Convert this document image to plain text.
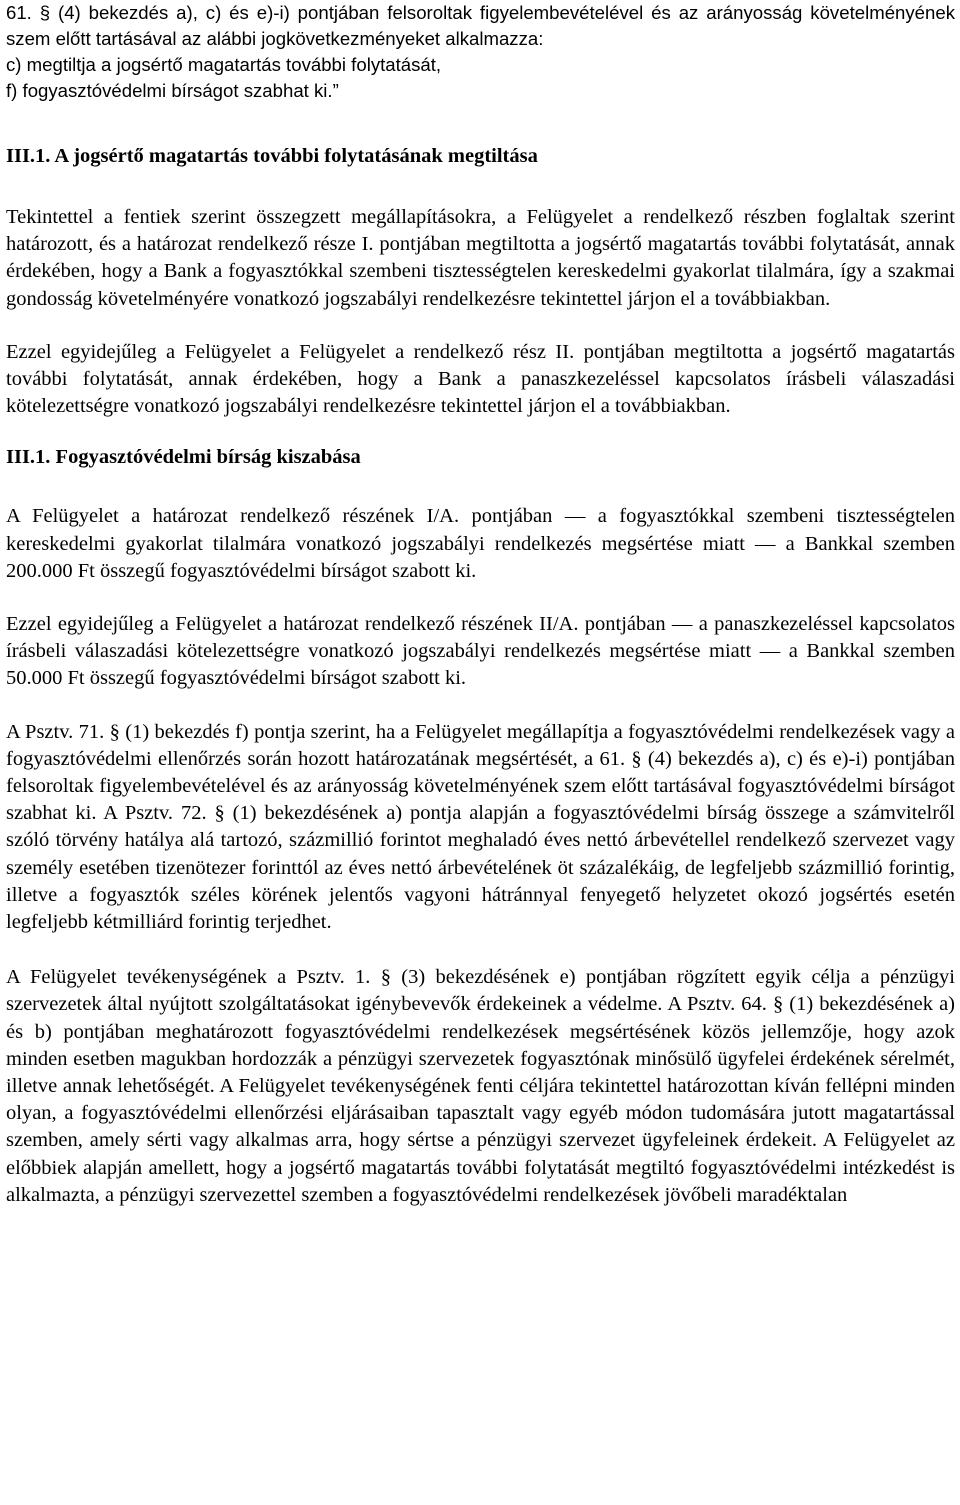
61. § (4) bekezdés a), c) és e)-i) pontjában felsoroltak figyelembevételével és az arányosság követelményének szem előtt tartásával az alábbi jogkövetkezményeket alkalmazza:
c) megtiltja a jogsértő magatartás további folytatását,
f) fogyasztóvédelmi bírságot szabhat ki.”
III.1. A jogsértő magatartás további folytatásának megtiltása

Tekintettel a fentiek szerint összegzett megállapításokra, a Felügyelet a rendelkező részben foglaltak szerint határozott, és a határozat rendelkező része I. pontjában megtiltotta a jogsértő magatartás további folytatását, annak érdekében, hogy a Bank a fogyasztókkal szembeni tisztességtelen kereskedelmi gyakorlat tilalmára, így a szakmai gondosság követelményére vonatkozó jogszabályi rendelkezésre tekintettel járjon el a továbbiakban.

Ezzel egyidejűleg a Felügyelet a Felügyelet a rendelkező rész II. pontjában megtiltotta a jogsértő magatartás további folytatását, annak érdekében, hogy a Bank a panaszkezeléssel kapcsolatos írásbeli válaszadási kötelezettségre vonatkozó jogszabályi rendelkezésre tekintettel járjon el a továbbiakban.

III.1. Fogyasztóvédelmi bírság kiszabása

A Felügyelet a határozat rendelkező részének I/A. pontjában — a fogyasztókkal szembeni tisztességtelen kereskedelmi gyakorlat tilalmára vonatkozó jogszabályi rendelkezés megsértése miatt — a Bankkal szemben 200.000 Ft összegű fogyasztóvédelmi bírságot szabott ki.

Ezzel egyidejűleg a Felügyelet a határozat rendelkező részének II/A. pontjában — a panaszkezeléssel kapcsolatos írásbeli válaszadási kötelezettségre vonatkozó jogszabályi rendelkezés megsértése miatt — a Bankkal szemben 50.000 Ft összegű fogyasztóvédelmi bírságot szabott ki.

A Psztv. 71. § (1) bekezdés f) pontja szerint, ha a Felügyelet megállapítja a fogyasztóvédelmi rendelkezések vagy a fogyasztóvédelmi ellenőrzés során hozott határozatának megsértését, a 61. § (4) bekezdés a), c) és e)-i) pontjában felsoroltak figyelembevételével és az arányosság követelményének szem előtt tartásával fogyasztóvédelmi bírságot szabhat ki. A Psztv. 72. § (1) bekezdésének a) pontja alapján a fogyasztóvédelmi bírság összege a számvitelről szóló törvény hatálya alá tartozó, százmillió forintot meghaladó éves nettó árbevétellel rendelkező szervezet vagy személy esetében tizenötezer forinttól az éves nettó árbevételének öt százalékáig, de legfeljebb százmillió forintig, illetve a fogyasztók széles körének jelentős vagyoni hátránnyal fenyegető helyzetet okozó jogsértés esetén legfeljebb kétmilliárd forintig terjedhet.

A Felügyelet tevékenységének a Psztv. 1. § (3) bekezdésének e) pontjában rögzített egyik célja a pénzügyi szervezetek által nyújtott szolgáltatásokat igénybevevők érdekeinek a védelme. A Psztv. 64. § (1) bekezdésének a) és b) pontjában meghatározott fogyasztóvédelmi rendelkezések megsértésének közös jellemzője, hogy azok minden esetben magukban hordozzák a pénzügyi szervezetek fogyasztónak minősülő ügyfelei érdekének sérelmét, illetve annak lehetőségét. A Felügyelet tevékenységének fenti céljára tekintettel határozottan kíván fellépni minden olyan, a fogyasztóvédelmi ellenőrzési eljárásaiban tapasztalt vagy egyéb módon tudomására jutott magatartással szemben, amely sérti vagy alkalmas arra, hogy sértse a pénzügyi szervezet ügyfeleinek érdekeit. A Felügyelet az előbbiek alapján amellett, hogy a jogsértő magatartás további folytatását megtiltó fogyasztóvédelmi intézkedést is alkalmazta, a pénzügyi szervezettel szemben a fogyasztóvédelmi rendelkezések jövőbeli maradéktalan
